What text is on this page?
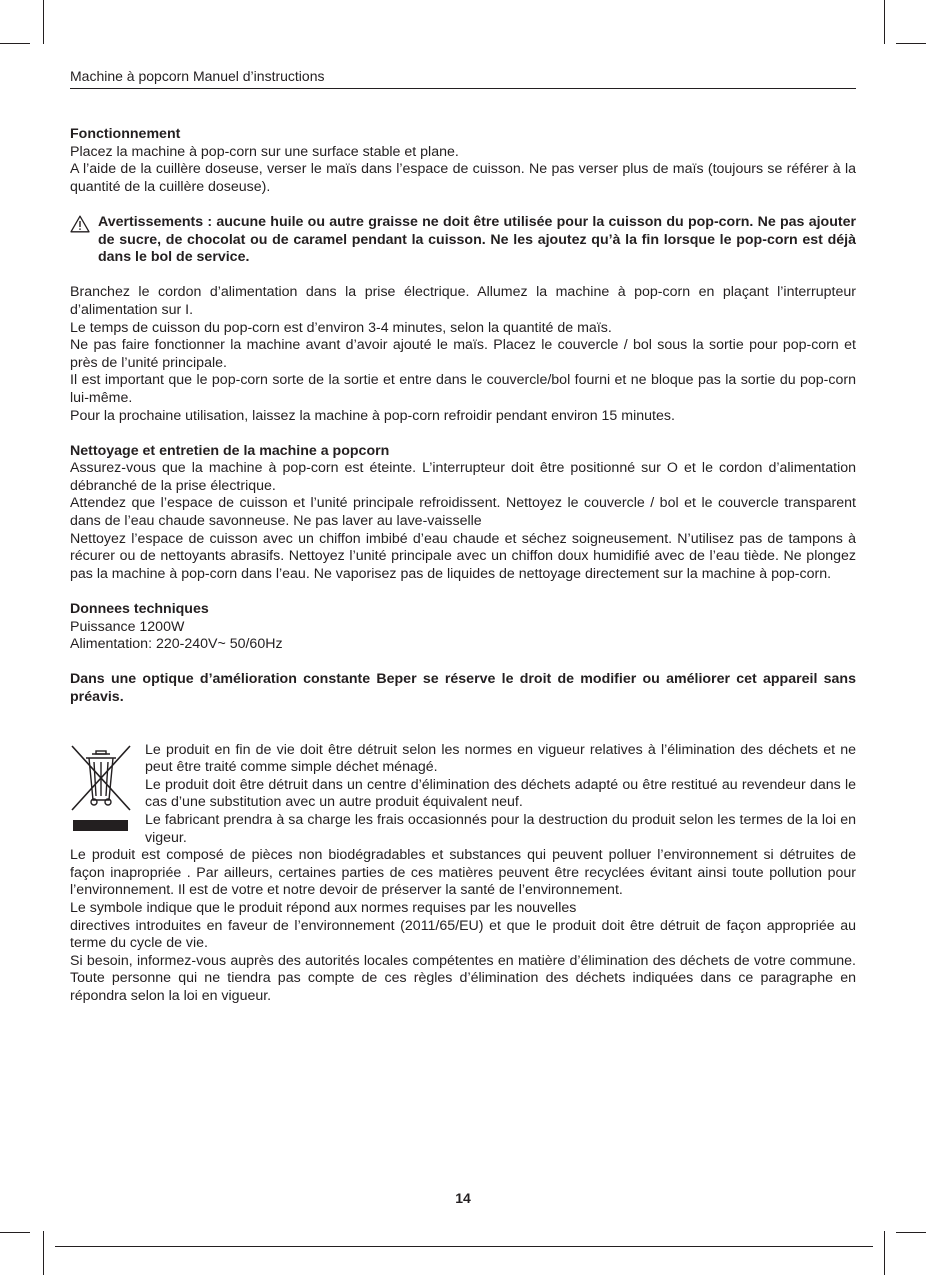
Machine à popcorn Manuel d’instructions

Fonctionnement

Placez la machine à pop-corn sur une surface stable et plane.

A l’aide de la cuillère doseuse, verser le maïs dans l’espace de cuisson. Ne pas verser plus de maïs (toujours se référer à la quantité de la cuillère doseuse).

Avertissements : aucune huile ou autre graisse ne doit être utilisée pour la cuisson du pop-corn. Ne pas ajouter de sucre, de chocolat ou de caramel pendant la cuisson. Ne les ajoutez qu’à la fin lorsque le pop-corn est déjà dans le bol de service.

Branchez le cordon d’alimentation dans la prise électrique. Allumez la machine à pop-corn en plaçant l’interrupteur d’alimentation sur I.

Le temps de cuisson du pop-corn est d’environ 3-4 minutes, selon la quantité de maïs.

Ne pas faire fonctionner la machine avant d’avoir ajouté le maïs. Placez le couvercle / bol sous la sortie pour pop-corn et près de l’unité principale.

Il est important que le pop-corn sorte de la sortie et entre dans le couvercle/bol fourni et ne bloque pas la sortie du pop-corn lui-même.

Pour la prochaine utilisation, laissez la machine à pop-corn refroidir pendant environ 15 minutes.

Nettoyage et entretien de la machine a popcorn

Assurez-vous que la machine à pop-corn est éteinte. L’interrupteur doit être positionné sur O et le cordon d’alimentation débranché de la prise électrique.

Attendez que l’espace de cuisson et l’unité principale refroidissent. Nettoyez le couvercle / bol et le couvercle transparent dans de l’eau chaude savonneuse. Ne pas laver au lave-vaisselle

Nettoyez l’espace de cuisson avec un chiffon imbibé d’eau chaude et séchez soigneusement. N’utilisez pas de tampons à récurer ou de nettoyants abrasifs. Nettoyez l’unité principale avec un chiffon doux humidifié avec de l’eau tiède. Ne plongez pas la machine à pop-corn dans l’eau. Ne vaporisez pas de liquides de nettoyage directement sur la machine à pop-corn.

Donnees techniques

Puissance 1200W

Alimentation: 220-240V~ 50/60Hz

Dans une optique d’amélioration constante Beper se réserve le droit de modifier ou améliorer cet appareil sans préavis.

Le produit en fin de vie doit être détruit selon les normes en vigueur relatives à l’élimination des déchets et ne peut être traité comme simple déchet ménagé.

Le produit doit être détruit dans un centre d’élimination des déchets adapté ou être restitué au revendeur dans le cas d’une substitution avec un autre produit équivalent neuf.

Le fabricant prendra à sa charge les frais occasionnés pour la destruction du produit selon les termes de la loi en vigeur.

Le produit est composé de pièces non biodégradables et substances qui peuvent polluer l’environnement si détruites de façon inapropriée . Par ailleurs, certaines parties de ces matières peuvent être recyclées évitant ainsi toute pollution pour l’environnement. Il est de votre et notre devoir de préserver la santé de l’environnement.

Le symbole indique que le produit répond aux normes requises par les nouvelles

directives introduites en faveur de l’environnement (2011/65/EU) et que le produit doit être détruit de façon appropriée au terme du cycle de vie.

Si besoin, informez-vous auprès des autorités locales compétentes en matière d’élimination des déchets de votre commune. Toute personne qui ne tiendra pas compte de ces règles d’élimination des déchets indiquées dans ce paragraphe en répondra selon la loi en vigueur.

14
